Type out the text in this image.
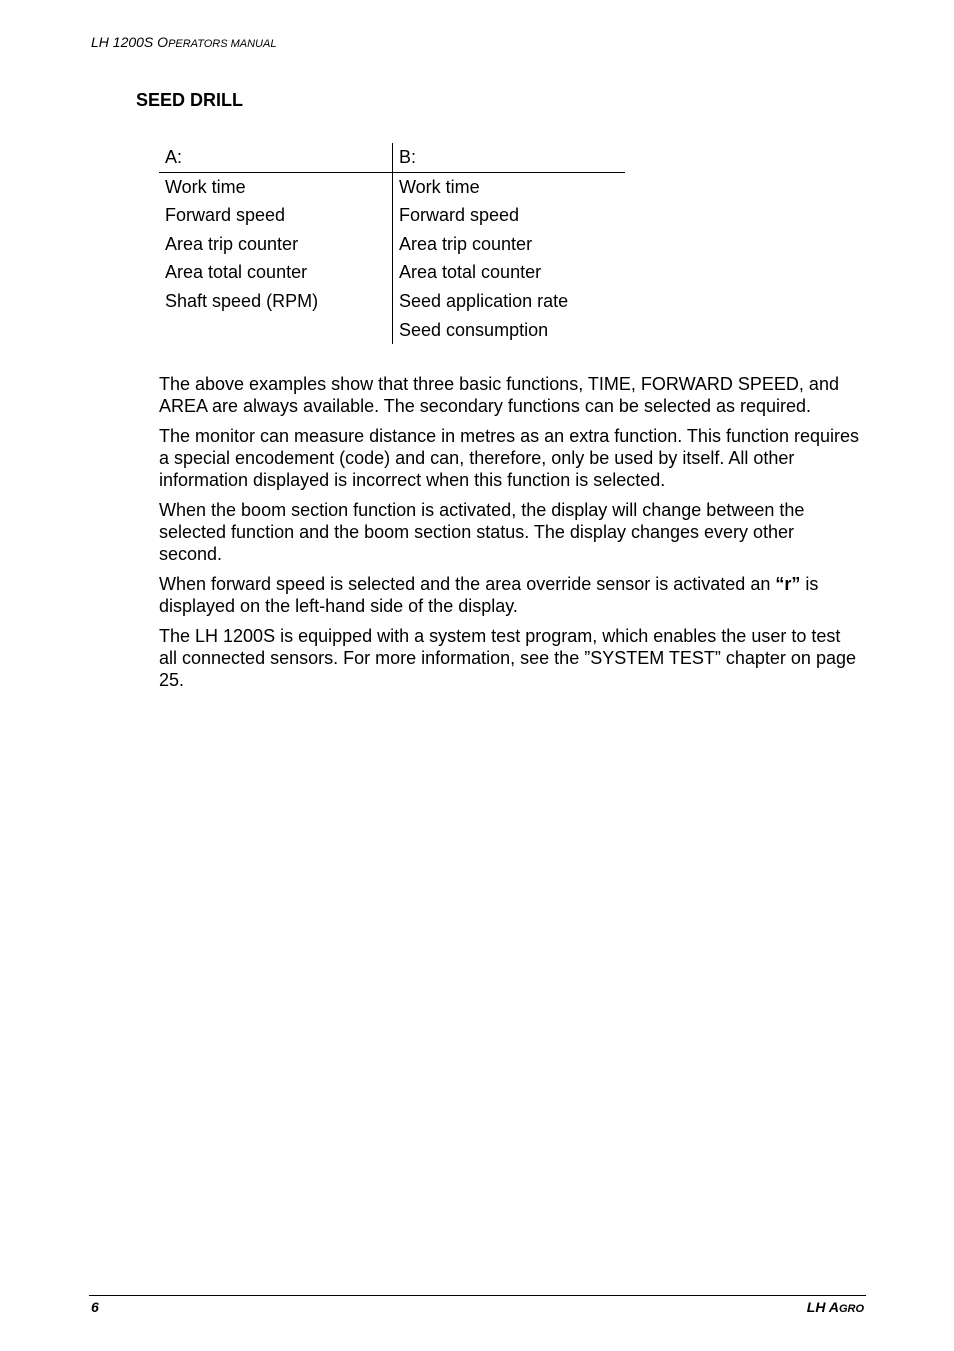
LH 1200S OPERATORS MANUAL
SEED DRILL
A:	B:
Work time	Work time
Forward speed	Forward speed
Area trip counter	Area trip counter
Area total counter	Area total counter
Shaft speed (RPM)	Seed application rate
	Seed consumption

The above examples show that three basic functions, TIME, FORWARD SPEED, and AREA are always available. The secondary functions can be selected as required.

The monitor can measure distance in metres as an extra function. This function requires a special encodement (code) and can, therefore, only be used by itself. All other information displayed is incorrect when this function is selected.

When the boom section function is activated, the display will change between the selected function and the boom section status. The display changes every other second.

When forward speed is selected and the area override sensor is activated an “r” is displayed on the left-hand side of the display.

The LH 1200S is equipped with a system test program, which enables the user to test all connected sensors. For more information, see the ”SYSTEM TEST” chapter on page 25.

6	LH AGRO
